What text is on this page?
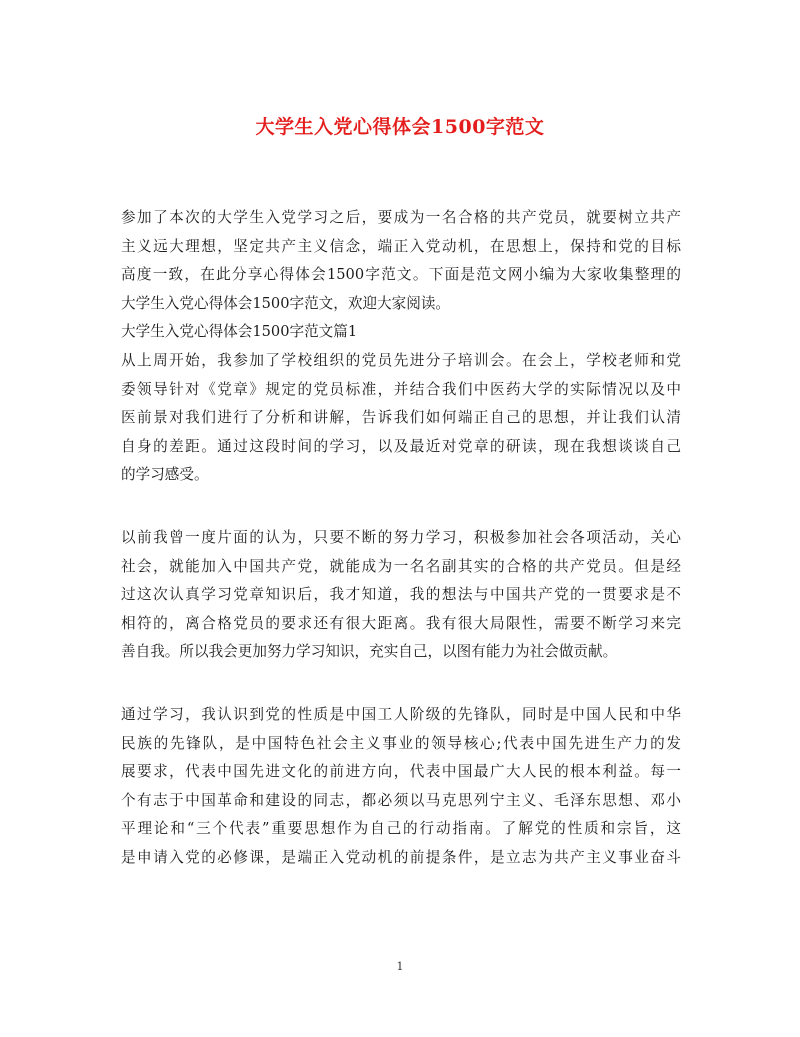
大学生入党心得体会1500字范文
参加了本次的大学生入党学习之后，要成为一名合格的共产党员，就要树立共产
主义远大理想，坚定共产主义信念，端正入党动机，在思想上，保持和党的目标
高度一致，在此分享心得体会1500字范文。下面是范文网小编为大家收集整理的
大学生入党心得体会1500字范文，欢迎大家阅读。
大学生入党心得体会1500字范文篇1
从上周开始，我参加了学校组织的党员先进分子培训会。在会上，学校老师和党
委领导针对《党章》规定的党员标准，并结合我们中医药大学的实际情况以及中
医前景对我们进行了分析和讲解，告诉我们如何端正自己的思想，并让我们认清
自身的差距。通过这段时间的学习，以及最近对党章的研读，现在我想谈谈自己
的学习感受。
以前我曾一度片面的认为，只要不断的努力学习，积极参加社会各项活动，关心
社会，就能加入中国共产党，就能成为一名名副其实的合格的共产党员。但是经
过这次认真学习党章知识后，我才知道，我的想法与中国共产党的一贯要求是不
相符的，离合格党员的要求还有很大距离。我有很大局限性，需要不断学习来完
善自我。所以我会更加努力学习知识，充实自己，以图有能力为社会做贡献。
通过学习，我认识到党的性质是中国工人阶级的先锋队，同时是中国人民和中华
民族的先锋队，是中国特色社会主义事业的领导核心;代表中国先进生产力的发
展要求，代表中国先进文化的前进方向，代表中国最广大人民的根本利益。每一
个有志于中国革命和建设的同志，都必须以马克思列宁主义、毛泽东思想、邓小
平理论和“三个代表”重要思想作为自己的行动指南。了解党的性质和宗旨，这
是申请入党的必修课，是端正入党动机的前提条件，是立志为共产主义事业奋斗
1
